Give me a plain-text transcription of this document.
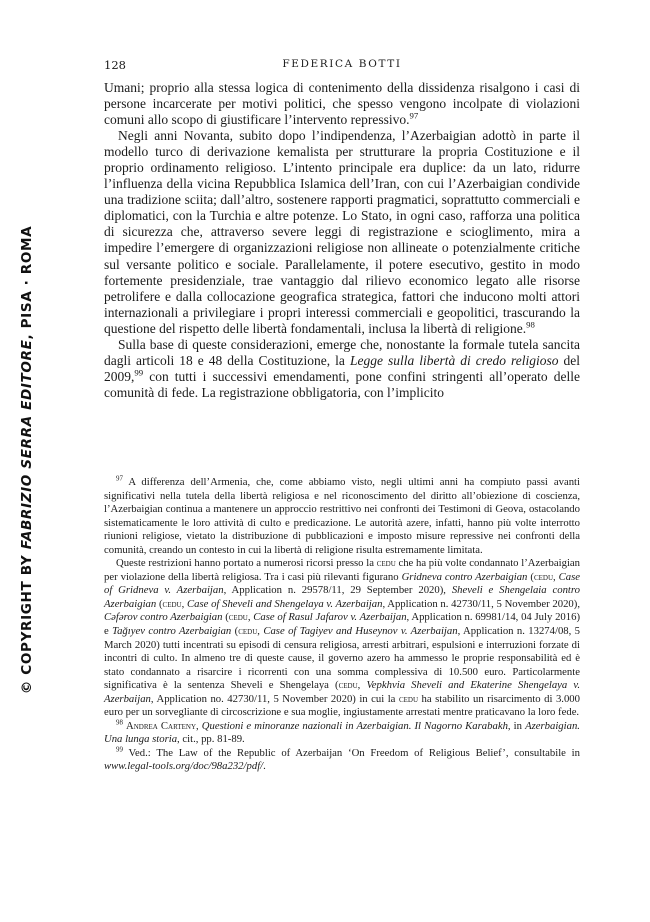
© COPYRIGHT BY FABRIZIO SERRA EDITORE, PISA · ROMA
128	FEDERICA BOTTI

Umani; proprio alla stessa logica di contenimento della dissidenza risalgono i casi di persone incarcerate per motivi politici, che spesso vengono incolpate di violazioni comuni allo scopo di giustificare l’intervento repressivo.$^{97}$

Negli anni Novanta, subito dopo l’indipendenza, l’Azerbaigian adottò in parte il modello turco di derivazione kemalista per strutturare la propria Costituzione e il proprio ordinamento religioso. L’intento principale era duplice: da un lato, ridurre l’influenza della vicina Repubblica Islamica dell’Iran, con cui l’Azerbaigian condivide una tradizione sciita; dall’altro, sostenere rapporti pragmatici, soprattutto commerciali e diplomatici, con la Turchia e altre potenze. Lo Stato, in ogni caso, rafforza una politica di sicurezza che, attraverso severe leggi di registrazione e scioglimento, mira a impedire l’emergere di organizzazioni religiose non allineate o potenzialmente critiche sul versante politico e sociale. Parallelamente, il potere esecutivo, gestito in modo fortemente presidenziale, trae vantaggio dal rilievo economico legato alle risorse petrolifere e dalla collocazione geografica strategica, fattori che inducono molti attori internazionali a privilegiare i propri interessi commerciali e geopolitici, trascurando la questione del rispetto delle libertà fondamentali, inclusa la libertà di religione.$^{98}$

Sulla base di queste considerazioni, emerge che, nonostante la formale tutela sancita dagli articoli 18 e 48 della Costituzione, la Legge sulla libertà di credo religioso del 2009,99 con tutti i successivi emendamenti, pone confini stringenti all’operato delle comunità di fede. La registrazione obbligatoria, con l’implicito

$^{97}$ A differenza dell’Armenia, che, come abbiamo visto, negli ultimi anni ha compiuto passi avanti significativi nella tutela della libertà religiosa e nel riconoscimento del diritto all’obiezione di coscienza, l’Azerbaigian continua a mantenere un approccio restrittivo nei confronti dei Testimoni di Geova, ostacolando sistematicamente le loro attività di culto e predicazione. Le autorità azere, infatti, hanno più volte interrotto riunioni religiose, vietato la distribuzione di pubblicazioni e imposto misure repressive nei confronti della comunità, creando un contesto in cui la libertà di religione risulta estremamente limitata.

Queste restrizioni hanno portato a numerosi ricorsi presso la cedu che ha più volte condannato l’Azerbaigian per violazione della libertà religiosa. Tra i casi più rilevanti figurano Gridneva contro Azerbaigian (cedu, Case of Gridneva v. Azerbaijan, Application n. 29578/11, 29 September 2020), Sheveli e Shengelaia contro Azerbaigian (cedu, Case of Sheveli and Shengelaya v. Azerbaijan, Application n. 42730/11, 5 November 2020), Cəfərov contro Azerbaigian (cedu, Case of Rasul Jafarov v. Azerbaijan, Application n. 69981/14, 04 July 2016) e Tağıyev contro Azerbaigian (cedu, Case of Tagiyev and Huseynov v. Azerbaijan, Application n. 13274/08, 5 March 2020) tutti incentrati su episodi di censura religiosa, arresti arbitrari, espulsioni e interruzioni forzate di incontri di culto. In almeno tre di queste cause, il governo azero ha ammesso le proprie responsabilità ed è stato condannato a risarcire i ricorrenti con una somma complessiva di 10.500 euro. Particolarmente significativa è la sentenza Sheveli e Shengelaya (cedu, Vepkhvia Sheveli and Ekaterine Shengelaya v. Azerbaijan, Application no. 42730/11, 5 November 2020) in cui la cedu ha stabilito un risarcimento di 3.000 euro per un sorvegliante di circoscrizione e sua moglie, ingiustamente arrestati mentre praticavano la loro fede.

$^{98}$ Andrea Carteny, Questioni e minoranze nazionali in Azerbaigian. Il Nagorno Karabakh, in Azerbaigian. Una lunga storia, cit., pp. 81-89.

$^{99}$ Ved.: The Law of the Republic of Azerbaijan ‘On Freedom of Religious Belief’, consultabile in www.legal-tools.org/doc/98a232/pdf/.
